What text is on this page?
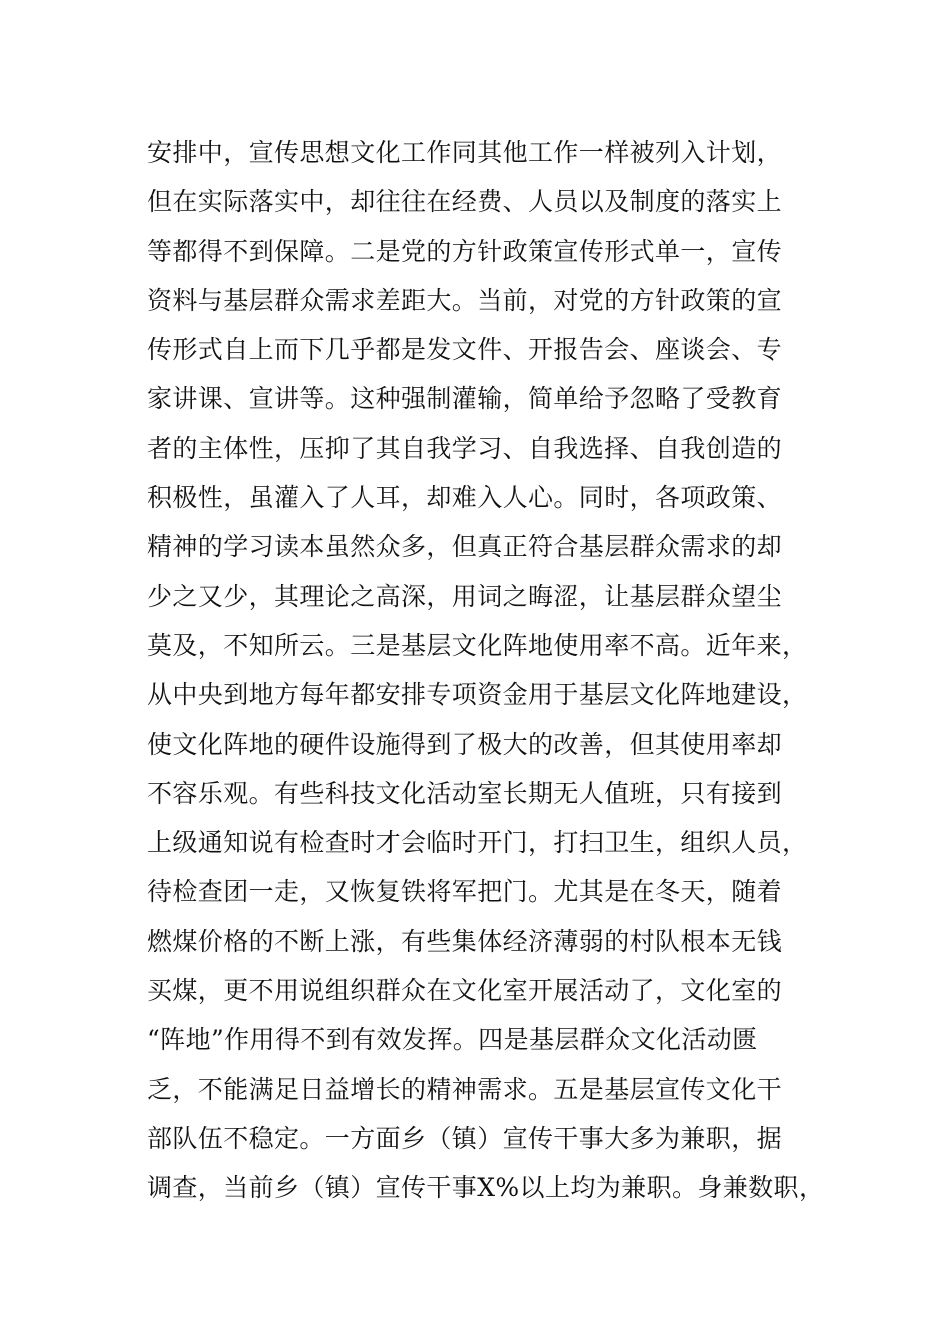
安排中，宣传思想文化工作同其他工作一样被列入计划，
但在实际落实中，却往往在经费、人员以及制度的落实上
等都得不到保障。二是党的方针政策宣传形式单一，宣传
资料与基层群众需求差距大。当前，对党的方针政策的宣
传形式自上而下几乎都是发文件、开报告会、座谈会、专
家讲课、宣讲等。这种强制灌输，简单给予忽略了受教育
者的主体性，压抑了其自我学习、自我选择、自我创造的
积极性，虽灌入了人耳，却难入人心。同时，各项政策、
精神的学习读本虽然众多，但真正符合基层群众需求的却
少之又少，其理论之高深，用词之晦涩，让基层群众望尘
莫及，不知所云。三是基层文化阵地使用率不高。近年来，
从中央到地方每年都安排专项资金用于基层文化阵地建设，
使文化阵地的硬件设施得到了极大的改善，但其使用率却
不容乐观。有些科技文化活动室长期无人值班，只有接到
上级通知说有检查时才会临时开门，打扫卫生，组织人员，
待检查团一走，又恢复铁将军把门。尤其是在冬天，随着
燃煤价格的不断上涨，有些集体经济薄弱的村队根本无钱
买煤，更不用说组织群众在文化室开展活动了，文化室的
“阵地”作用得不到有效发挥。四是基层群众文化活动匮
乏，不能满足日益增长的精神需求。五是基层宣传文化干
部队伍不稳定。一方面乡（镇）宣传干事大多为兼职，据
调查，当前乡（镇）宣传干事X%以上均为兼职。身兼数职，
